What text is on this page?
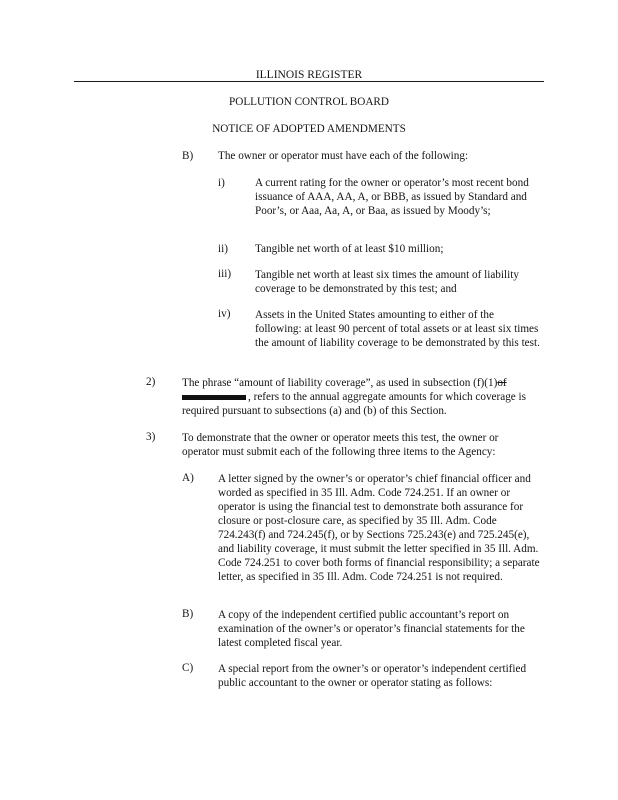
ILLINOIS REGISTER
POLLUTION CONTROL BOARD
NOTICE OF ADOPTED AMENDMENTS
B) The owner or operator must have each of the following:
i)	A current rating for the owner or operator’s most recent bond issuance of AAA, AA, A, or BBB, as issued by Standard and Poor’s, or Aaa, Aa, A, or Baa, as issued by Moody’s;
ii) Tangible net worth of at least $10 million;
iii) Tangible net worth at least six times the amount of liability coverage to be demonstrated by this test; and
iv) Assets in the United States amounting to either of the following: at least 90 percent of total assets or at least six times the amount of liability coverage to be demonstrated by this test.
2) The phrase “amount of liability coverage”, as used in subsection (f)(1)of , refers to the annual aggregate amounts for which coverage is required pursuant to subsections (a) and (b) of this Section.
3) To demonstrate that the owner or operator meets this test, the owner or operator must submit each of the following three items to the Agency:
A) A letter signed by the owner’s or operator’s chief financial officer and worded as specified in 35 Ill. Adm. Code 724.251. If an owner or operator is using the financial test to demonstrate both assurance for closure or post-closure care, as specified by 35 Ill. Adm. Code 724.243(f) and 724.245(f), or by Sections 725.243(e) and 725.245(e), and liability coverage, it must submit the letter specified in 35 Ill. Adm. Code 724.251 to cover both forms of financial responsibility; a separate letter, as specified in 35 Ill. Adm. Code 724.251 is not required.
B) A copy of the independent certified public accountant’s report on examination of the owner’s or operator’s financial statements for the latest completed fiscal year.
C) A special report from the owner’s or operator’s independent certified public accountant to the owner or operator stating as follows:
